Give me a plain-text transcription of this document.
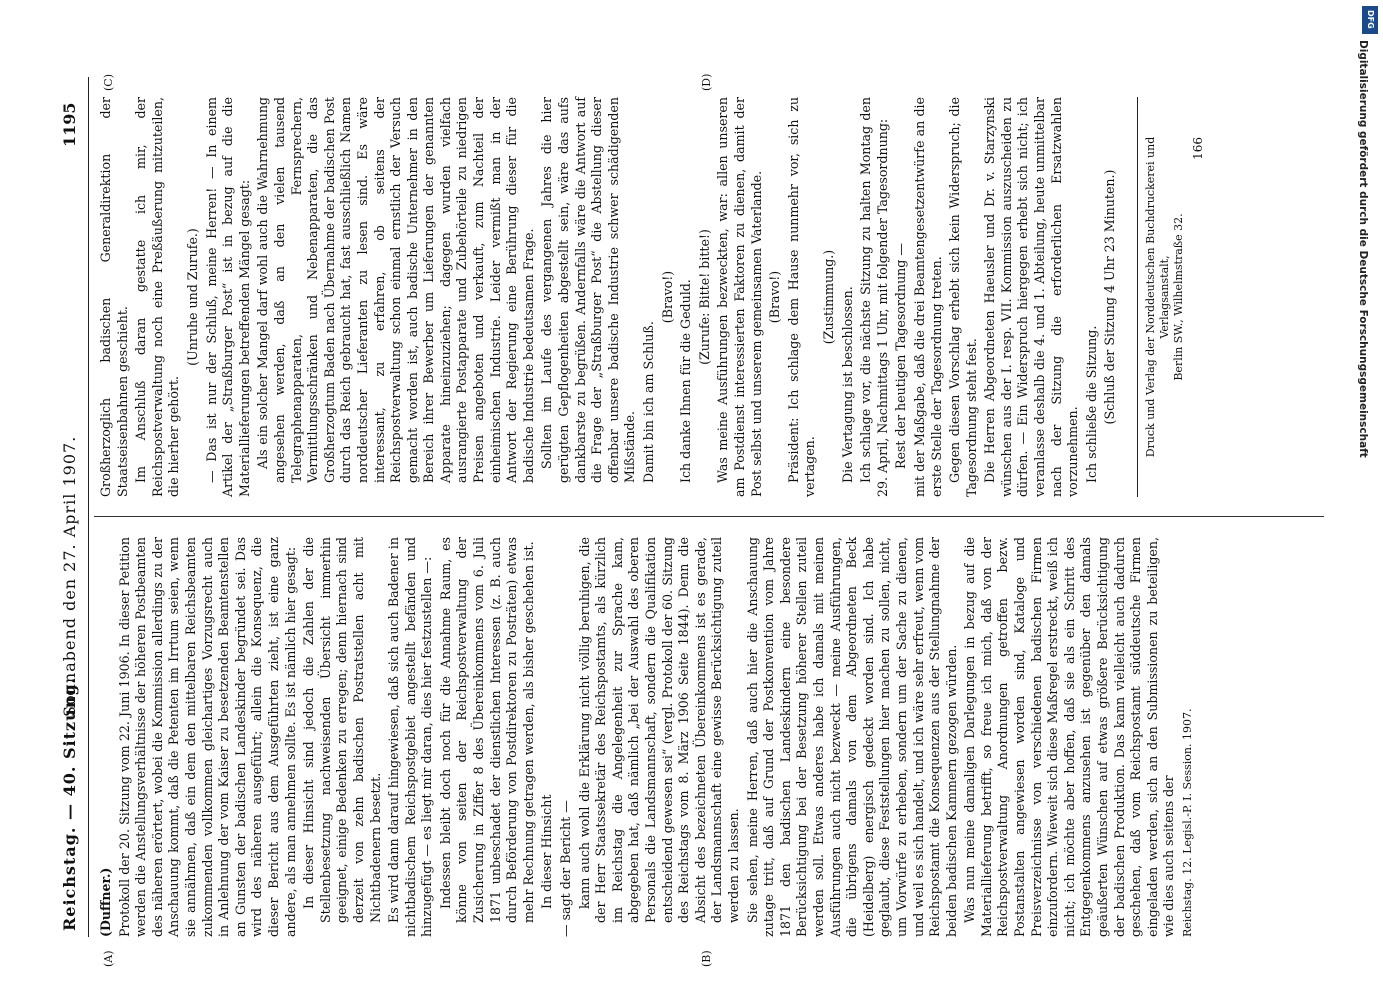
Reichstag. — 40. Sitzung.
Sonnabend den 27. April 1907.
1195
(A)	(B)
(C)	(D)

(Duffner.) Protokoll der 20. Sitzung vom 22. Juni 1906. In dieser Petition werden die Anstellungsverhältnisse der höheren Postbeamten des näheren erörtert, wobei die Kommission allerdings zu der Anschauung kommt, daß die Petenten im Irrtum seien, wenn sie annähmen, daß ein dem den mittelbaren Reichsbeamten zukommenden vollkommen gleichartiges Vorzugsrecht auch in Anlehnung der vom Kaiser zu besetzenden Beamtenstellen an Gunsten der badischen Landeskinder begründet sei. Das wird des näheren ausgeführt; allein die Konsequenz, die dieser Bericht aus dem Ausgeführten zieht, ist eine ganz andere, als man annehmen sollte. Es ist nämlich hier gesagt: In dieser Hinsicht sind jedoch die Zahlen der die Stellenbesetzung nachweisenden Übersicht immerhin geeignet, einige Bedenken zu erregen; denn hiernach sind derzeit von zehn badischen Postratstellen acht mit Nichtbadenern besetzt. Es wird dann darauf hingewiesen, daß sich auch Badener in nichtbadischem Reichspostgebiet angestellt befänden und hinzugefügt — es liegt mir daran, dies hier festzustellen —: Indessen bleibt doch noch für die Annahme Raum, es könne von seiten der Reichspostverwaltung der Zusicherung in Ziffer 8 des Übereinkommens vom 6. Juli 1871 unbeschadet der dienstlichen Interessen (z. B. auch durch Beförderung von Postdirektoren zu Posträten) etwas mehr Rechnung getragen werden, als bisher geschehen ist. In dieser Hinsicht — sagt der Bericht — kann auch wohl die Erklärung nicht völlig beruhigen, die der Herr Staatssekretär des Reichspostamts, als kürzlich im Reichstag die Angelegenheit zur Sprache kam, abgegeben hat, daß nämlich „bei der Auswahl des oberen Personals die Landsmannschaft, sondern die Qualifikation entscheidend gewesen sei“ (vergl. Protokoll der 60. Sitzung des Reichstags vom 8. März 1906 Seite 1844). Denn die Absicht des bezeichneten Übereinkommens ist es gerade, der Landsmannschaft eine gewisse Berücksichtigung zuteil werden zu lassen. Sie sehen, meine Herren, daß auch hier die Anschauung zutage tritt, daß auf Grund der Postkonvention vom Jahre 1871 den badischen Landeskindern eine besondere Berücksichtigung bei der Besetzung höherer Stellen zuteil werden soll. Etwas anderes habe ich damals mit meinen Ausführungen auch nicht bezweckt — meine Ausführungen, die übrigens damals von dem Abgeordneten Beck (Heidelberg) energisch gedeckt worden sind. Ich habe geglaubt, diese Feststellungen hier machen zu sollen, nicht, um Vorwürfe zu erheben, sondern um der Sache zu dienen, und weil es sich handelt, und ich wäre sehr erfreut, wenn vom Reichspostamt die Konsequenzen aus der Stellungnahme der beiden badischen Kammern gezogen würden. Was nun meine damaligen Darlegungen in bezug auf die Materiallieferung betrifft, so freue ich mich, daß von der Reichspostverwaltung Anordnungen getroffen bezw. Postanstalten angewiesen worden sind, Kataloge und Preisverzeichnisse von verschiedenen badischen Firmen einzufordern. Wieweit sich diese Maßregel erstreckt, weiß ich nicht; ich möchte aber hoffen, daß sie als ein Schritt des Entgegenkommens anzusehen ist gegenüber den damals geäußerten Wünschen auf etwas größere Berücksichtigung der badischen Produktion. Das kann vielleicht auch dadurch geschehen, daß vom Reichspostamt süddeutsche Firmen eingeladen werden, sich an den Submissionen zu beteiligen, wie dies auch seitens der Reichstag. 12. Legisl.-P. I. Session. 1907.

Großherzoglich badischen Generaldirektion der Staatseisenbahnen geschieht. Im Anschluß daran gestatte ich mir, der Reichspostverwaltung noch eine Preßäußerung mitzuteilen, die hierher gehört.

(Unruhe und Zurufe.) — Das ist nur der Schluß, meine Herren! — In einem Artikel der „Straßburger Post“ ist in bezug auf die die Materiallieferungen betreffenden Mängel gesagt: Als ein solcher Mangel darf wohl auch die Wahrnehmung angesehen werden, daß an den vielen tausend Telegraphenapparaten, Fernsprechern, Vermittlungsschränken und Nebenapparaten, die das Großherzogtum Baden nach Übernahme der badischen Post durch das Reich gebraucht hat, fast ausschließlich Namen norddeutscher Lieferanten zu lesen sind. Es wäre interessant, zu erfahren, ob seitens der Reichspostverwaltung schon einmal ernstlich der Versuch gemacht worden ist, auch badische Unternehmer in den Bereich ihrer Bewerber um Lieferungen der genannten Apparate hineinzuziehen; dagegen wurden vielfach ausrangierte Postapparate und Zubehörteile zu niedrigen Preisen angeboten und verkauft, zum Nachteil der einheimischen Industrie. Leider vermißt man in der Antwort der Regierung eine Berührung dieser für die badische Industrie bedeutsamen Frage. Sollten im Laufe des vergangenen Jahres die hier gerügten Gepflogenheiten abgestellt sein, wäre das aufs dankbarste zu begrüßen. Andernfalls wäre die Antwort auf die Frage der „Straßburger Post“ die Abstellung dieser offenbar unsere badische Industrie schwer schädigenden Mißstände. Damit bin ich am Schluß.

(Bravo!) Ich danke Ihnen für die Geduld. (Zurufe: Bitte! bitte!) Was meine Ausführungen bezweckten, war: allen unseren am Postdienst interessierten Faktoren zu dienen, damit der Post selbst und unserem gemeinsamen Vaterlande. (Bravo!) Präsident: Ich schlage dem Hause nunmehr vor, sich zu vertagen.

(Zustimmung.) Die Vertagung ist beschlossen. Ich schlage vor, die nächste Sitzung zu halten Montag den 29. April, Nachmittags 1 Uhr, mit folgender Tagesordnung: Rest der heutigen Tagesordnung — mit der Maßgabe, daß die drei Beamtengesetzentwürfe an die erste Stelle der Tagesordnung treten. Gegen diesen Vorschlag erhebt sich kein Widerspruch; die Tagesordnung steht fest. Die Herren Abgeordneten Haeusler und Dr. v. Starzynski wünschen aus der I. resp. VII. Kommission auszuscheiden zu dürfen. — Ein Widerspruch hiergegen erhebt sich nicht; ich veranlasse deshalb die 4. und 1. Abteilung, heute unmittelbar nach der Sitzung die erforderlichen Ersatzwahlen vorzunehmen. Ich schließe die Sitzung. (Schluß der Sitzung 4 Uhr 23 Minuten.) Druck und Verlag der Norddeutschen Buchdruckerei und Verlagsanstalt, Berlin SW., Wilhelmstraße 32.
166
DFG
Digitalisierung gefördert durch die Deutsche Forschungsgemeinschaft
